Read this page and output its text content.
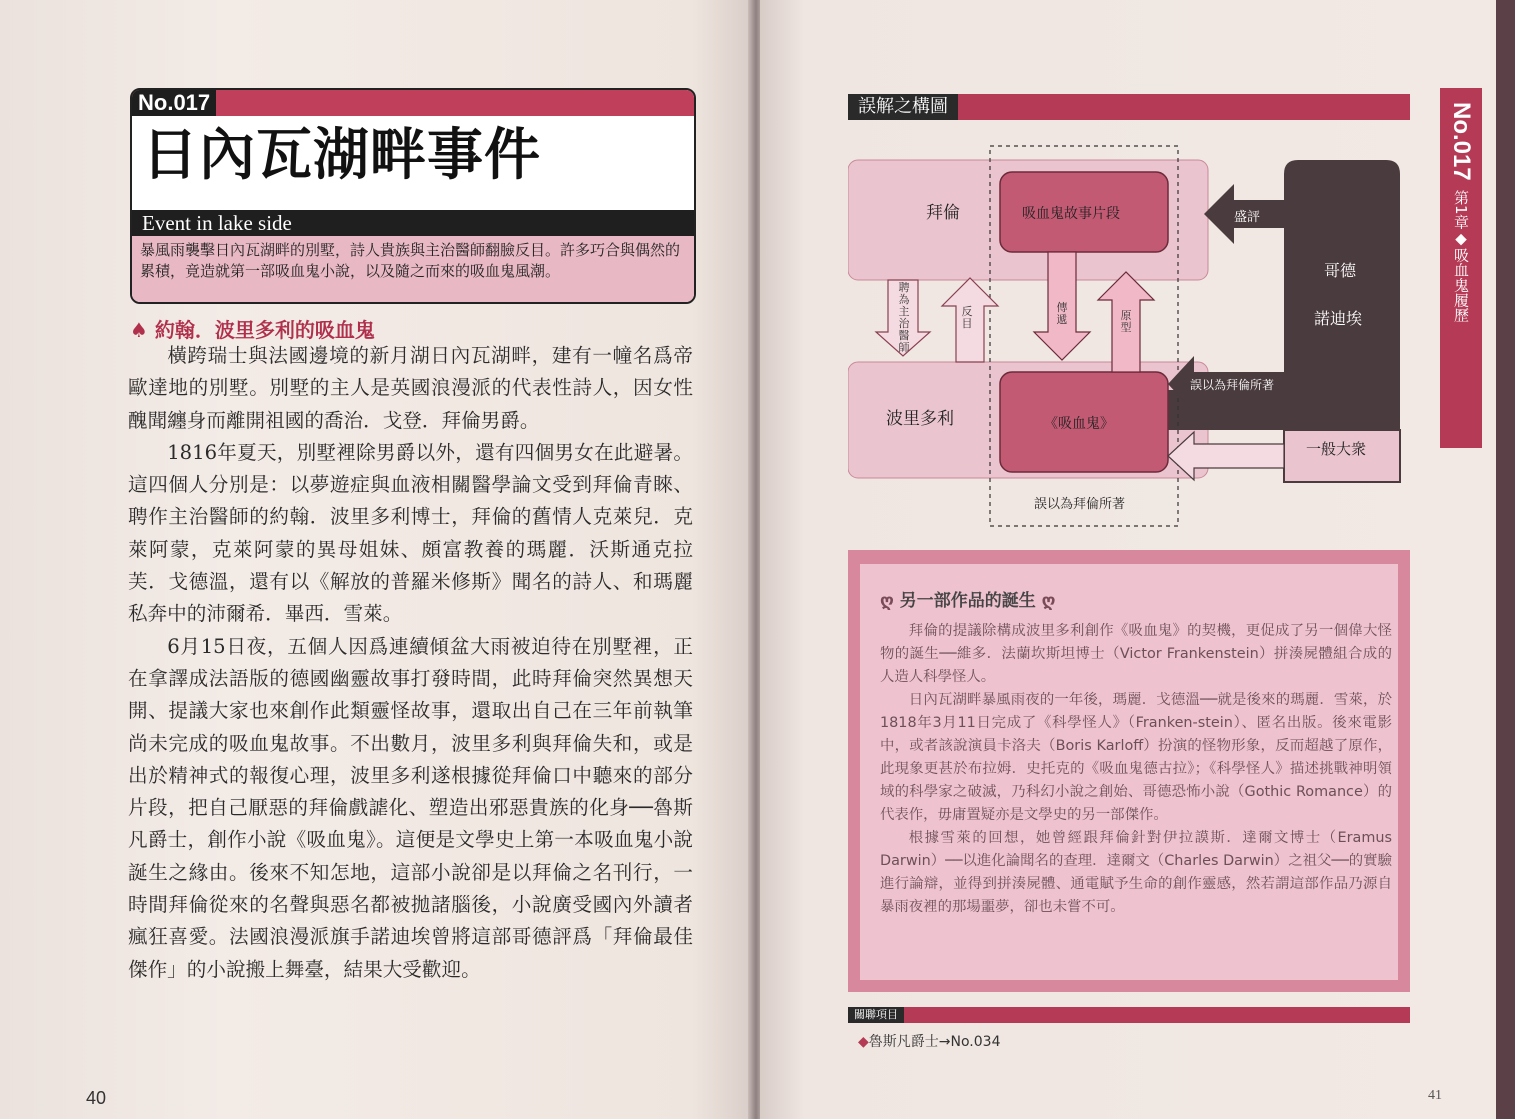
No.017
日內瓦湖畔事件
Event in lake side
暴風雨襲擊日內瓦湖畔的別墅，詩人貴族與主治醫師翻臉反目。許多巧合與偶然的累積，竟造就第一部吸血鬼小說，以及隨之而來的吸血鬼風潮。
♠ 約翰．波里多利的吸血鬼

橫跨瑞士與法國邊境的新月湖日內瓦湖畔，建有一幢名爲帝歐達地的別墅。別墅的主人是英國浪漫派的代表性詩人，因女性醜聞纏身而離開祖國的喬治．戈登．拜倫男爵。

1816年夏天，別墅裡除男爵以外，還有四個男女在此避暑。這四個人分別是：以夢遊症與血液相關醫學論文受到拜倫青睞、聘作主治醫師的約翰．波里多利博士，拜倫的舊情人克萊兒．克萊阿蒙，克萊阿蒙的異母姐妹、頗富教養的瑪麗．沃斯通克拉芙．戈德溫，還有以《解放的普羅米修斯》聞名的詩人、和瑪麗私奔中的沛爾希．畢西．雪萊。

6月15日夜，五個人因爲連續傾盆大雨被迫待在別墅裡，正在拿譯成法語版的德國幽靈故事打發時間，此時拜倫突然異想天開、提議大家也來創作此類靈怪故事，還取出自己在三年前執筆尚未完成的吸血鬼故事。不出數月，波里多利與拜倫失和，或是出於精神式的報復心理，波里多利遂根據從拜倫口中聽來的部分片段，把自己厭惡的拜倫戲謔化、塑造出邪惡貴族的化身──魯斯凡爵士，創作小說《吸血鬼》。這便是文學史上第一本吸血鬼小說誕生之緣由。後來不知怎地，這部小說卻是以拜倫之名刊行，一時間拜倫從來的名聲與惡名都被拋諸腦後，小說廣受國內外讀者瘋狂喜愛。法國浪漫派旗手諾迪埃曾將這部哥德評爲「拜倫最佳傑作」的小說搬上舞臺，結果大受歡迎。

40
誤解之構圖
拜倫
波里多利
吸血鬼故事片段
《吸血鬼》
哥德
諾迪埃
一般大衆
盛評
誤以為拜倫所著
誤以為拜倫所著
聘為主治醫師
反目
傳遞	原型
ღ 另一部作品的誕生 ღ

拜倫的提議除構成波里多利創作《吸血鬼》的契機，更促成了另一個偉大怪物的誕生──維多．法蘭坎斯坦博士（Victor Frankenstein）拼湊屍體組合成的人造人科學怪人。

日內瓦湖畔暴風雨夜的一年後，瑪麗．戈德溫──就是後來的瑪麗．雪萊，於1818年3月11日完成了《科學怪人》（Franken-stein）、匿名出版。後來電影中，或者該說演員卡洛夫（Boris Karloff）扮演的怪物形象，反而超越了原作，此現象更甚於布拉姆．史托克的《吸血鬼德古拉》；《科學怪人》描述挑戰神明領域的科學家之破滅，乃科幻小說之創始、哥德恐怖小說（Gothic Romance）的代表作，毋庸置疑亦是文學史的另一部傑作。

根據雪萊的回想，她曾經跟拜倫針對伊拉謨斯．達爾文博士（Eramus Darwin）──以進化論聞名的查理．達爾文（Charles Darwin）之祖父──的實驗進行論辯，並得到拼湊屍體、通電賦予生命的創作靈感，然若謂這部作品乃源自暴雨夜裡的那場噩夢，卻也未嘗不可。

關聯項目
◆魯斯凡爵士→No.034
No.017
第1章◆吸血鬼履歷
41
